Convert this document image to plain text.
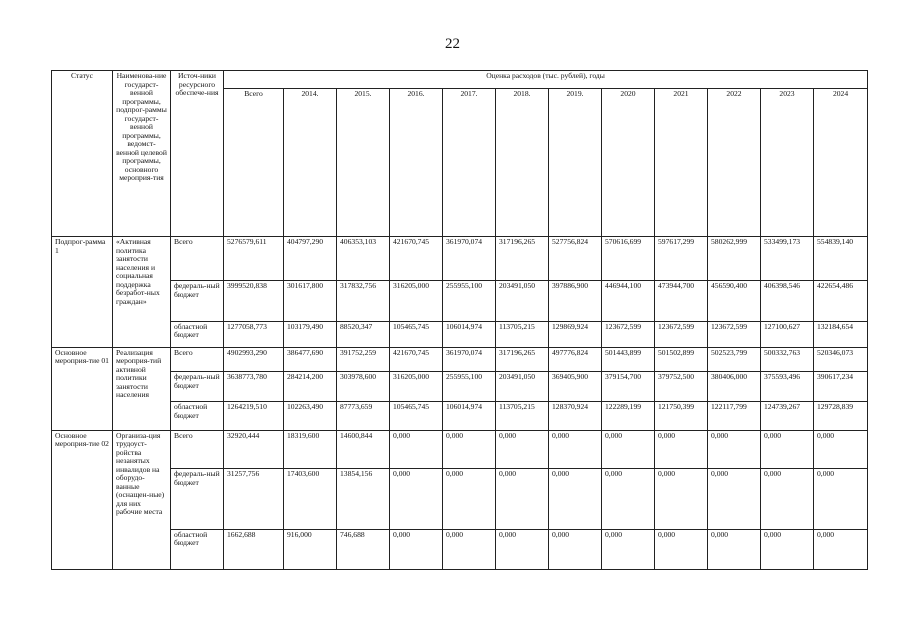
22
Статус	Наименова-ние государст-венной программы, подпрог-раммы государст-венной программы, ведомст-венной целевой программы, основного мероприя-тия	Источ-ники ресурсного обеспече-ния	Оценка расходов (тыс. рублей), годы											
			Всего	2014.	2015.	2016.	2017.	2018.	2019.	2020	2021	2022	2023	2024
Подпрог-рамма 1	«Активная политика занятости населения и социальная поддержка безработ-ных граждан»	Всего	5276579,611	404797,290	406353,103	421670,745	361970,074	317196,265	527756,824	570616,699	597617,299	580262,999	533499,173	554839,140
		федераль-ный бюджет	3999520,838	301617,800	317832,756	316205,000	255955,100	203491,050	397886,900	446944,100	473944,700	456590,400	406398,546	422654,486
		областной бюджет	1277058,773	103179,490	88520,347	105465,745	106014,974	113705,215	129869,924	123672,599	123672,599	123672,599	127100,627	132184,654
Основное мероприя-тие 01	Реализация мероприя-тий активной политики занятости населения	Всего	4902993,290	386477,690	391752,259	421670,745	361970,074	317196,265	497776,824	501443,899	501502,899	502523,799	500332,763	520346,073
		федераль-ный бюджет	3638773,780	284214,200	303978,600	316205,000	255955,100	203491,050	369405,900	379154,700	379752,500	380406,000	375593,496	390617,234
		областной бюджет	1264219,510	102263,490	87773,659	105465,745	106014,974	113705,215	128370,924	122289,199	121750,399	122117,799	124739,267	129728,839
Основное мероприя-тие 02	Организа-ция трудоуст-ройства незанятых инвалидов на оборудо-ванные (оснащен-ные) для них рабочие места	Всего	32920,444	18319,600	14600,844	0,000	0,000	0,000	0,000	0,000	0,000	0,000	0,000	0,000
		федераль-ный бюджет	31257,756	17403,600	13854,156	0,000	0,000	0,000	0,000	0,000	0,000	0,000	0,000	0,000
		областной бюджет	1662,688	916,000	746,688	0,000	0,000	0,000	0,000	0,000	0,000	0,000	0,000	0,000
